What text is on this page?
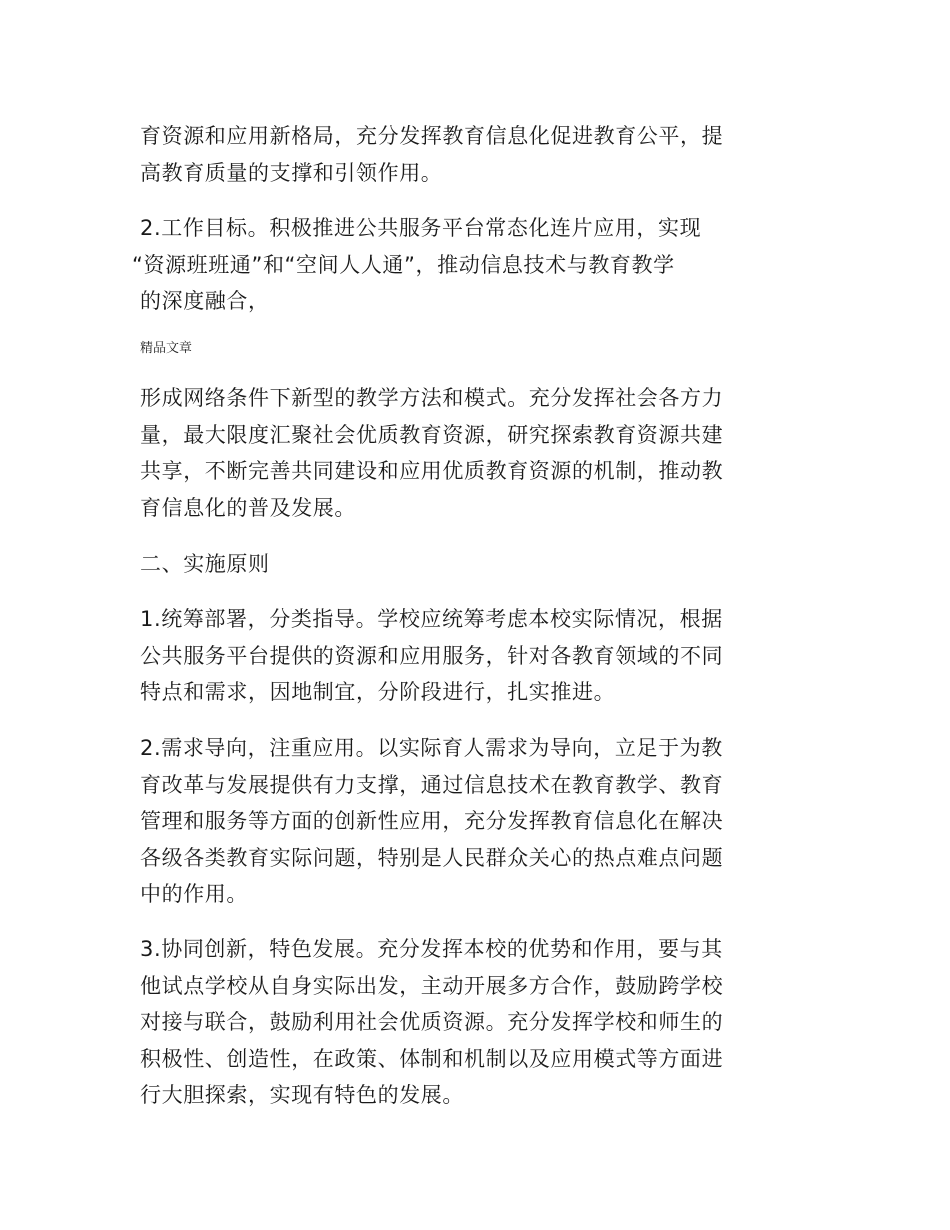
育资源和应用新格局，充分发挥教育信息化促进教育公平，提
高教育质量的支撑和引领作用。
2.工作目标。积极推进公共服务平台常态化连片应用，实现
“资源班班通”和“空间人人通”，推动信息技术与教育教学
的深度融合，
精品文章
形成网络条件下新型的教学方法和模式。充分发挥社会各方力
量，最大限度汇聚社会优质教育资源，研究探索教育资源共建
共享，不断完善共同建设和应用优质教育资源的机制，推动教
育信息化的普及发展。
二、实施原则
1.统筹部署，分类指导。学校应统筹考虑本校实际情况，根据
公共服务平台提供的资源和应用服务，针对各教育领域的不同
特点和需求，因地制宜，分阶段进行，扎实推进。
2.需求导向，注重应用。以实际育人需求为导向，立足于为教
育改革与发展提供有力支撑，通过信息技术在教育教学、教育
管理和服务等方面的创新性应用，充分发挥教育信息化在解决
各级各类教育实际问题，特别是人民群众关心的热点难点问题
中的作用。
3.协同创新，特色发展。充分发挥本校的优势和作用，要与其
他试点学校从自身实际出发，主动开展多方合作，鼓励跨学校
对接与联合，鼓励利用社会优质资源。充分发挥学校和师生的
积极性、创造性，在政策、体制和机制以及应用模式等方面进
行大胆探索，实现有特色的发展。
